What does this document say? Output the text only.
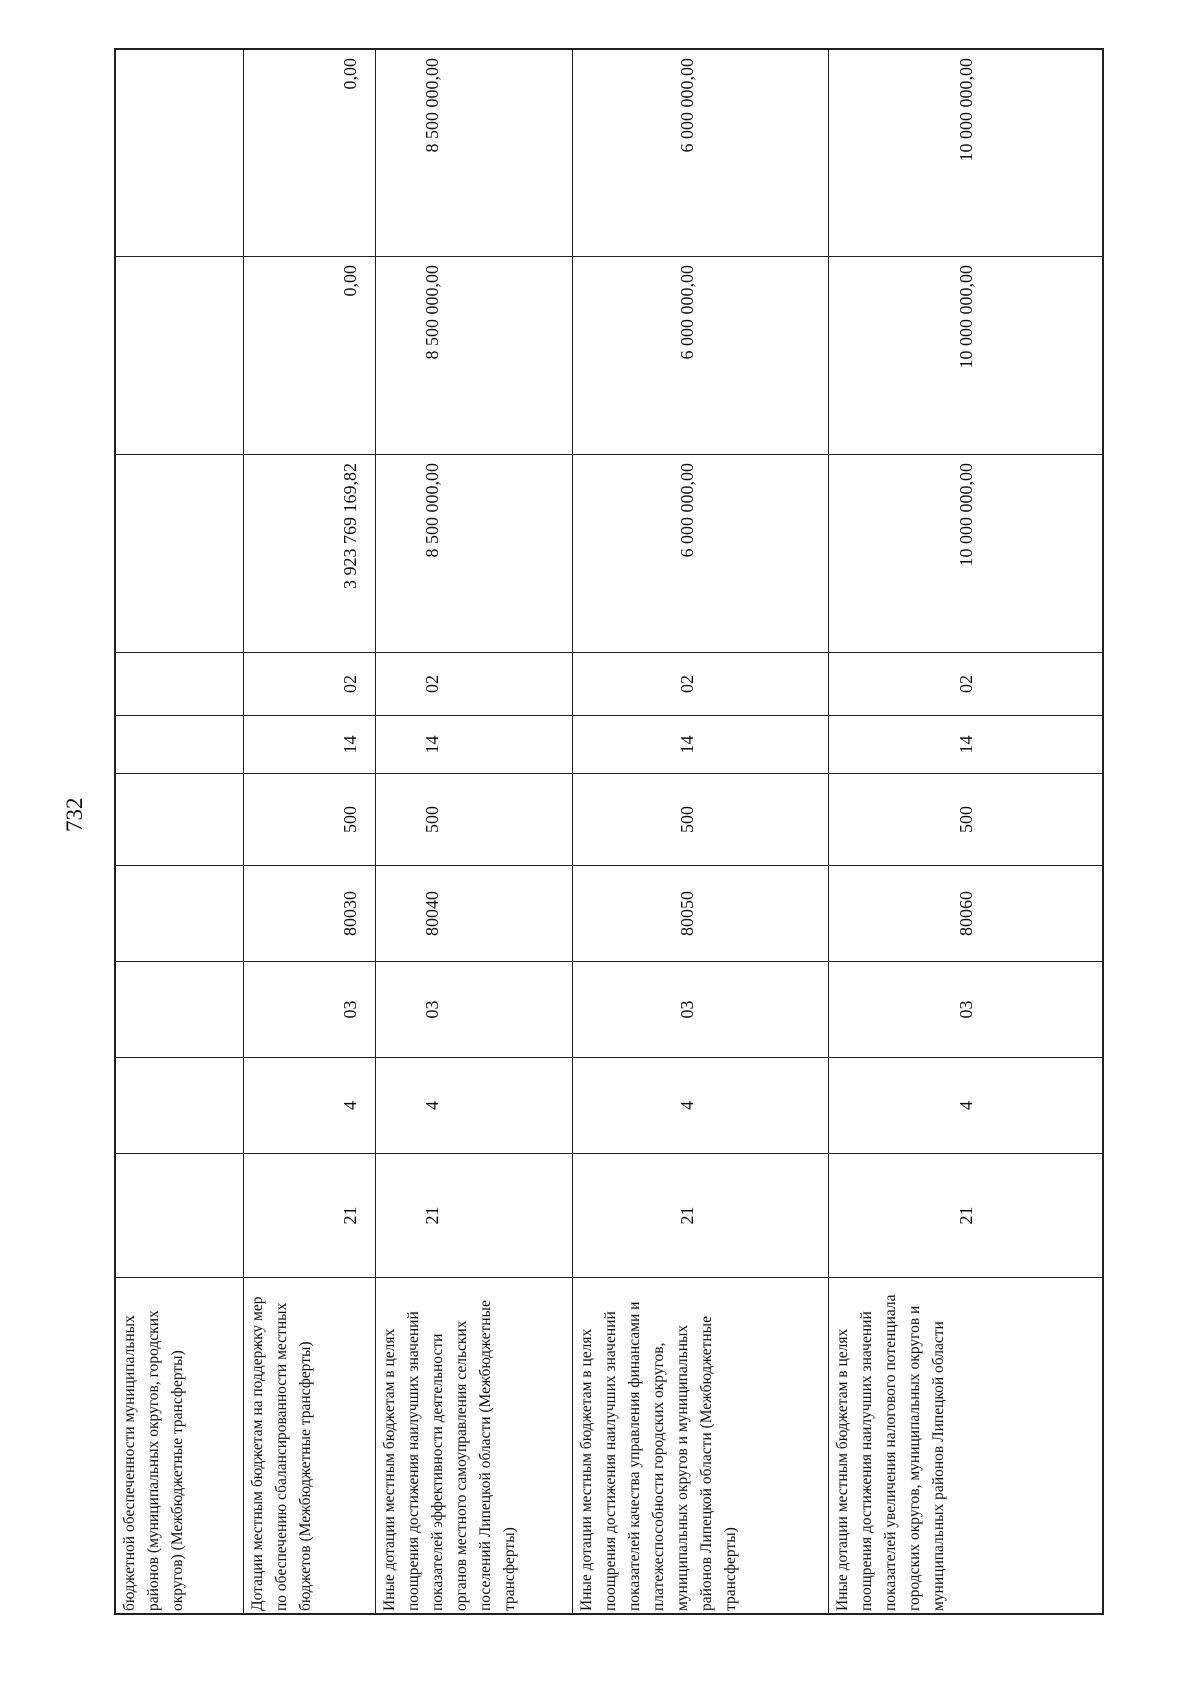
732
бюджетной обеспеченности муниципальных районов (муниципальных округов, городских округов) (Межбюджетные трансферты)	Дотации местным бюджетам на поддержку мер по обеспечению сбалансированности местных бюджетов (Межбюджетные трансферты)
21
4
03
80030
500
14
02
3 923 769 169,82
0,00
0,00
Иные дотации местным бюджетам в целях поощрения достижения наилучших значений показателей эффективности деятельности органов местного самоуправления сельских поселений Липецкой области (Межбюджетные трансферты)
21
4
03
80040
500
14
02
8 500 000,00
8 500 000,00
8 500 000,00
Иные дотации местным бюджетам в целях поощрения достижения наилучших значений показателей качества управления финансами и платежеспособности городских округов, муниципальных округов и муниципальных районов Липецкой области (Межбюджетные трансферты)
21
4
03
80050
500
14
02
6 000 000,00
6 000 000,00
6 000 000,00
Иные дотации местным бюджетам в целях поощрения достижения наилучших значений показателей увеличения налогового потенциала городских округов, муниципальных округов и муниципальных районов Липецкой области
21
4
03
80060
500
14
02
10 000 000,00
10 000 000,00
10 000 000,00
